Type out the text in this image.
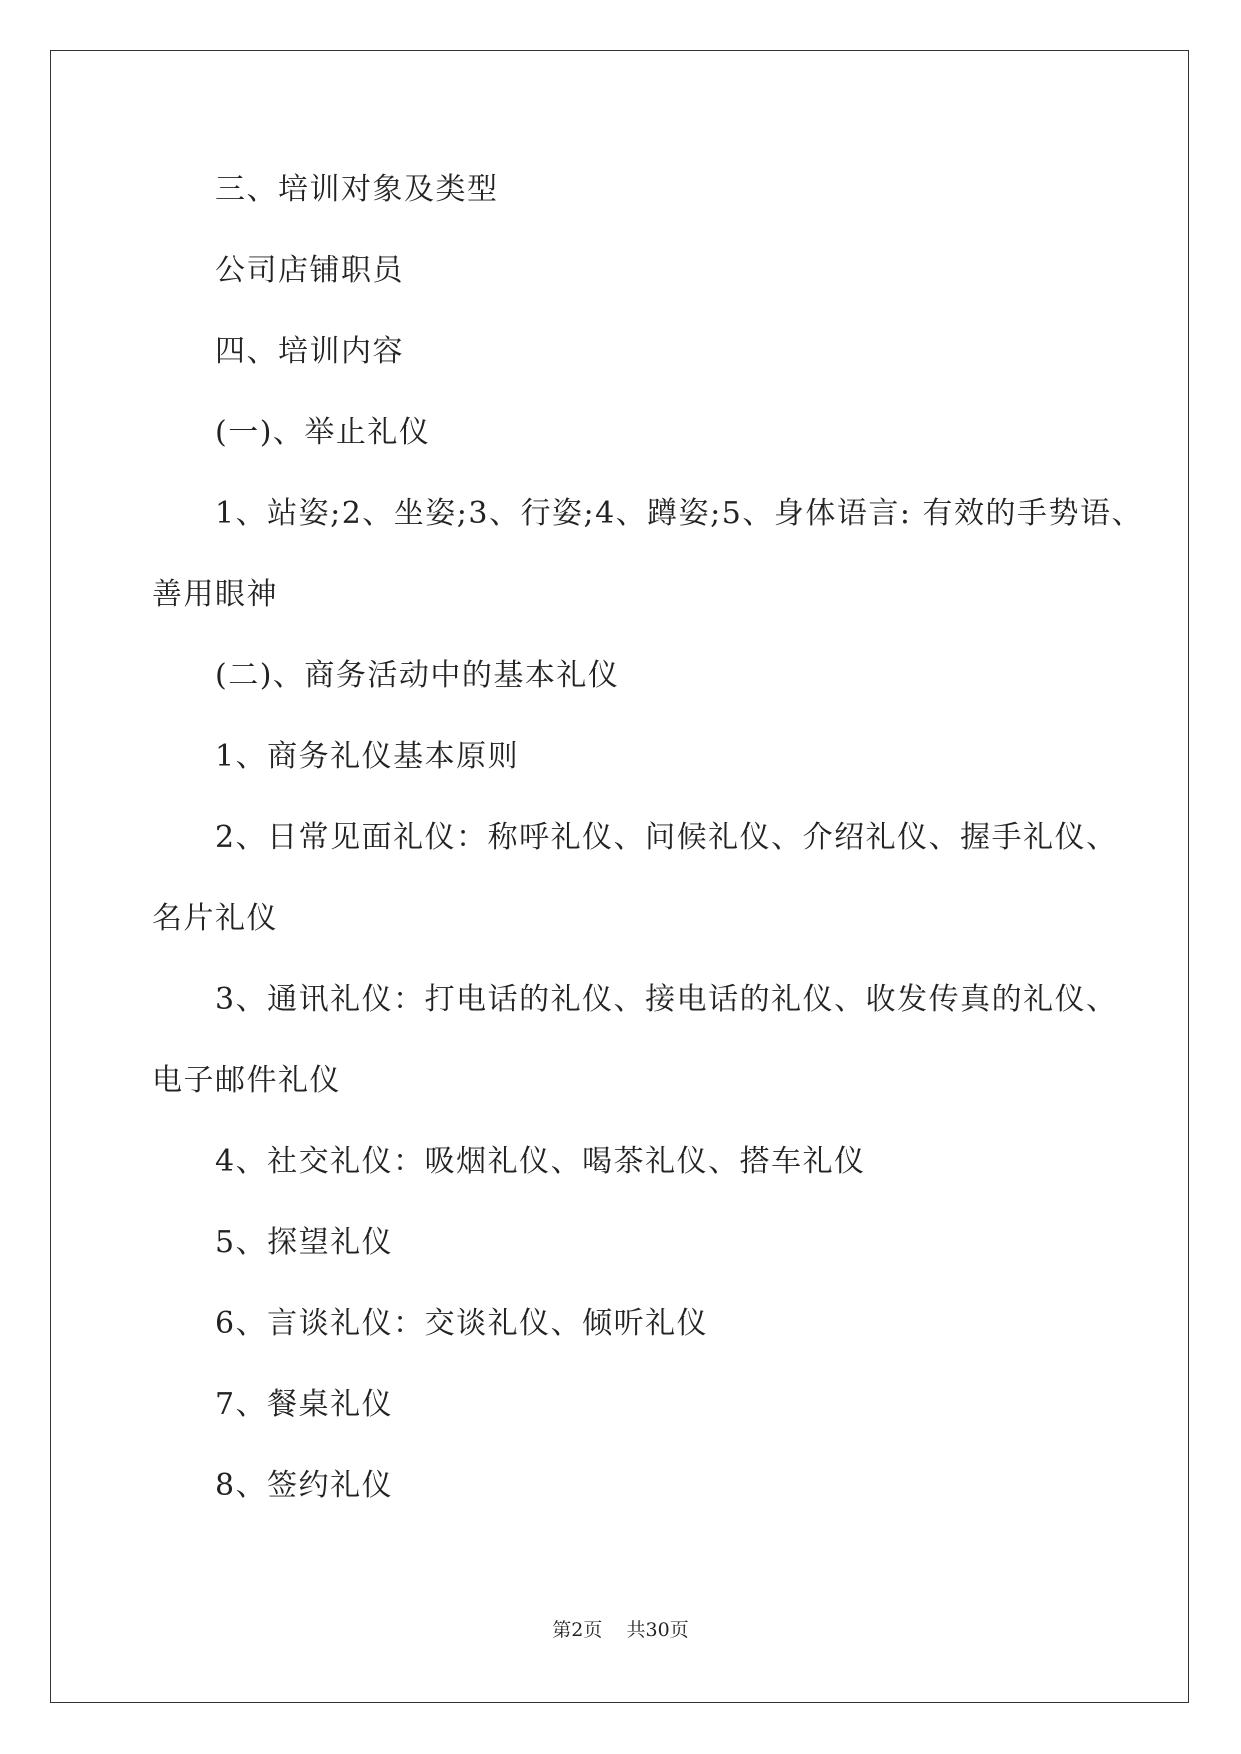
三、培训对象及类型
公司店铺职员
四、培训内容
(一)、举止礼仪
1、站姿;2、坐姿;3、行姿;4、蹲姿;5、身体语言: 有效的手势语、
善用眼神
(二)、商务活动中的基本礼仪
1、商务礼仪基本原则
2、日常见面礼仪：称呼礼仪、问候礼仪、介绍礼仪、握手礼仪、
名片礼仪
3、通讯礼仪：打电话的礼仪、接电话的礼仪、收发传真的礼仪、
电子邮件礼仪
4、社交礼仪：吸烟礼仪、喝茶礼仪、搭车礼仪
5、探望礼仪
6、言谈礼仪：交谈礼仪、倾听礼仪
7、餐桌礼仪
8、签约礼仪
第2页 共30页
